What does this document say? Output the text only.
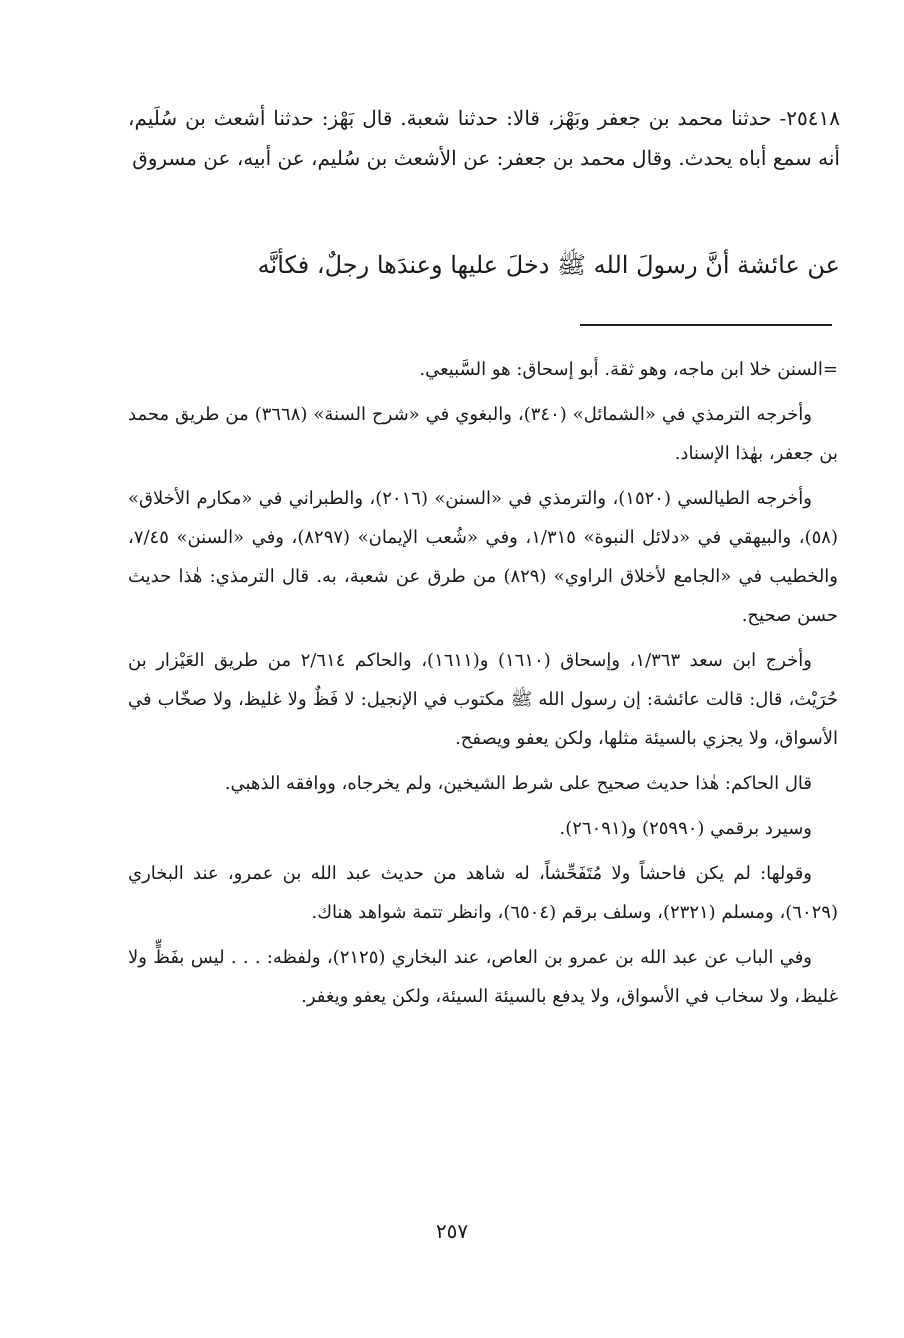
٢٥٤١٨- حدثنا محمد بن جعفر وبَهْز، قالا: حدثنا شعبة. قال بَهْز: حدثنا أشعث بن سُلَيم، أنه سمع أباه يحدث. وقال محمد بن جعفر: عن الأشعث بن سُليم، عن أبيه، عن مسروق

عن عائشة أنَّ رسولَ الله ﷺ دخلَ عليها وعندَها رجلٌ، فكأنَّه

=السنن خلا ابن ماجه، وهو ثقة. أبو إسحاق: هو السَّبيعي.

وأخرجه الترمذي في «الشمائل» (٣٤٠)، والبغوي في «شرح السنة» (٣٦٦٨) من طريق محمد بن جعفر، بهٰذا الإسناد.

وأخرجه الطيالسي (١٥٢٠)، والترمذي في «السنن» (٢٠١٦)، والطبراني في «مكارم الأخلاق» (٥٨)، والبيهقي في «دلائل النبوة» ١/٣١٥، وفي «شُعب الإيمان» (٨٢٩٧)، وفي «السنن» ٧/٤٥، والخطيب في «الجامع لأخلاق الراوي» (٨٢٩) من طرق عن شعبة، به. قال الترمذي: هٰذا حديث حسن صحيح.

وأخرج ابن سعد ١/٣٦٣، وإسحاق (١٦١٠) و(١٦١١)، والحاكم ٢/٦١٤ من طريق العَيْزار بن حُرَيْث، قال: قالت عائشة: إن رسول الله ﷺ مكتوب في الإنجيل: لا فَظٌ ولا غليظ، ولا صخّاب في الأسواق، ولا يجزي بالسيئة مثلها، ولكن يعفو ويصفح.

قال الحاكم: هٰذا حديث صحيح على شرط الشيخين، ولم يخرجاه، ووافقه الذهبي.

وسيرد برقمي (٢٥٩٩٠) و(٢٦٠٩١).

وقولها: لم يكن فاحشاً ولا مُتَفَحِّشاً، له شاهد من حديث عبد الله بن عمرو، عند البخاري (٦٠٢٩)، ومسلم (٢٣٢١)، وسلف برقم (٦٥٠٤)، وانظر تتمة شواهد هناك.

وفي الباب عن عبد الله بن عمرو بن العاص، عند البخاري (٢١٢٥)، ولفظه: . . . ليس بفَظٍّ ولا غليظ، ولا سخاب في الأسواق، ولا يدفع بالسيئة السيئة، ولكن يعفو ويغفر.

٢٥٧
